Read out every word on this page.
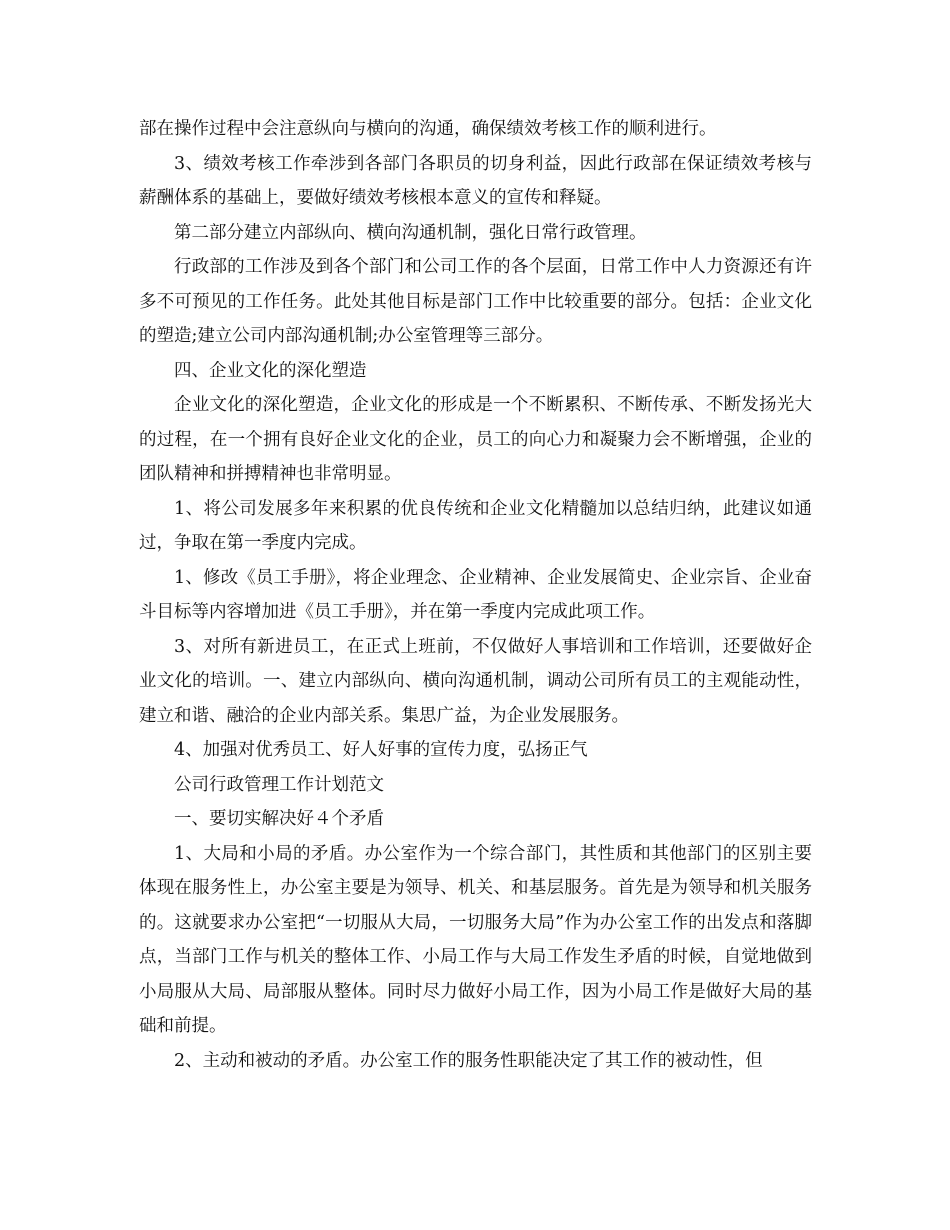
部在操作过程中会注意纵向与横向的沟通，确保绩效考核工作的顺利进行。

3、绩效考核工作牵涉到各部门各职员的切身利益，因此行政部在保证绩效考核与薪酬体系的基础上，要做好绩效考核根本意义的宣传和释疑。

第二部分建立内部纵向、横向沟通机制，强化日常行政管理。

行政部的工作涉及到各个部门和公司工作的各个层面，日常工作中人力资源还有许多不可预见的工作任务。此处其他目标是部门工作中比较重要的部分。包括：企业文化的塑造;建立公司内部沟通机制;办公室管理等三部分。

四、企业文化的深化塑造

企业文化的深化塑造，企业文化的形成是一个不断累积、不断传承、不断发扬光大的过程，在一个拥有良好企业文化的企业，员工的向心力和凝聚力会不断增强，企业的团队精神和拼搏精神也非常明显。

1、将公司发展多年来积累的优良传统和企业文化精髓加以总结归纳，此建议如通过，争取在第一季度内完成。

1、修改《员工手册》，将企业理念、企业精神、企业发展简史、企业宗旨、企业奋斗目标等内容增加进《员工手册》，并在第一季度内完成此项工作。

3、对所有新进员工，在正式上班前，不仅做好人事培训和工作培训，还要做好企业文化的培训。一、建立内部纵向、横向沟通机制，调动公司所有员工的主观能动性，建立和谐、融洽的企业内部关系。集思广益，为企业发展服务。

4、加强对优秀员工、好人好事的宣传力度，弘扬正气

公司行政管理工作计划范文

一、要切实解决好４个矛盾

1、大局和小局的矛盾。办公室作为一个综合部门，其性质和其他部门的区别主要体现在服务性上，办公室主要是为领导、机关、和基层服务。首先是为领导和机关服务的。这就要求办公室把“一切服从大局，一切服务大局”作为办公室工作的出发点和落脚点，当部门工作与机关的整体工作、小局工作与大局工作发生矛盾的时候，自觉地做到小局服从大局、局部服从整体。同时尽力做好小局工作，因为小局工作是做好大局的基础和前提。

2、主动和被动的矛盾。办公室工作的服务性职能决定了其工作的被动性，但
